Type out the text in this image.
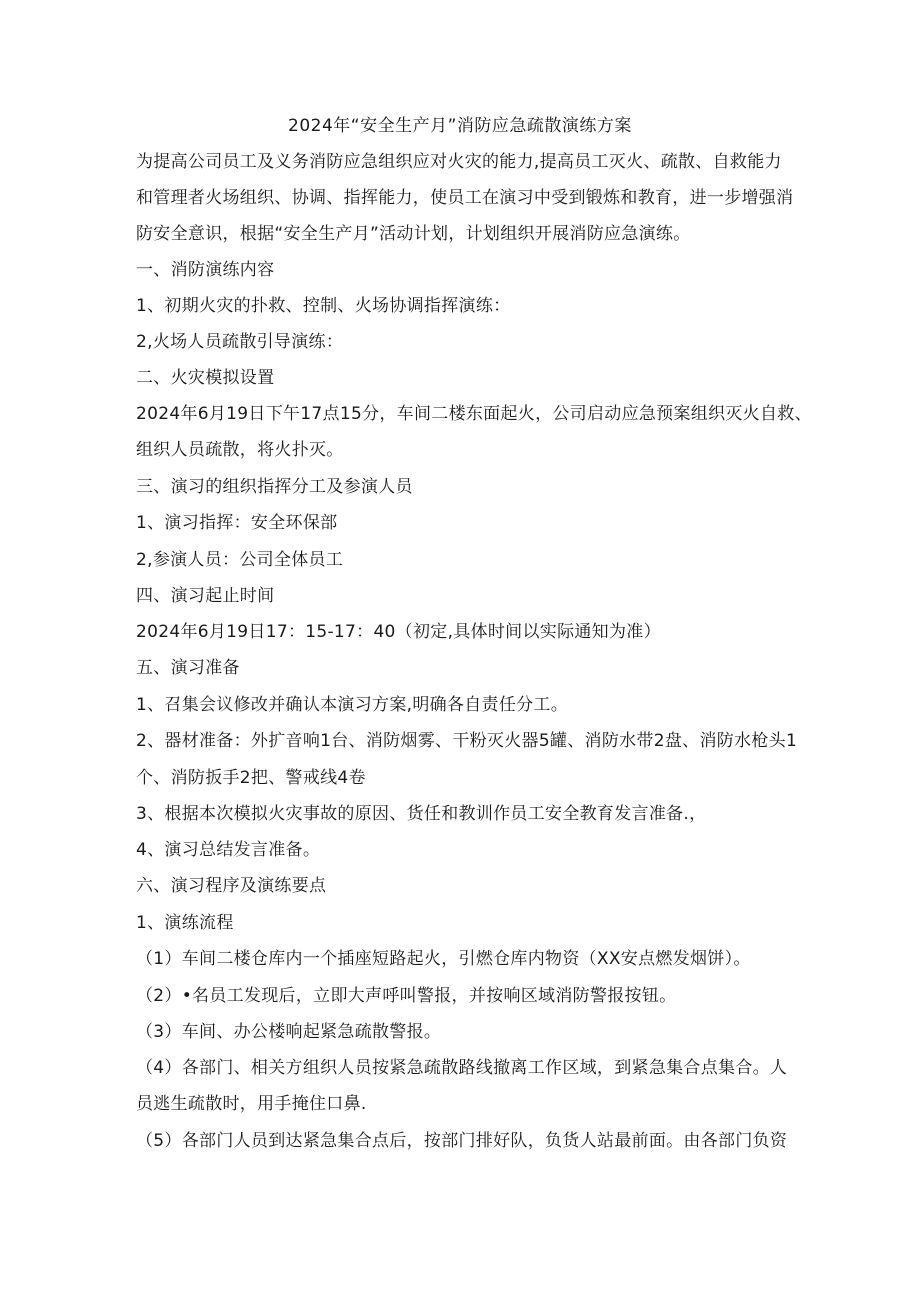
2024年“安全生产月”消防应急疏散演练方案
为提高公司员工及义务消防应急组织应对火灾的能力,提高员工灭火、疏散、自救能力
和管理者火场组织、协调、指挥能力，使员工在演习中受到锻炼和教育，进一步增强消
防安全意识，根据“安全生产月”活动计划，计划组织开展消防应急演练。
一、消防演练内容
1、初期火灾的扑救、控制、火场协调指挥演练：
2,火场人员疏散引导演练：
二、火灾模拟设置
2024年6月19日下午17点15分，车间二楼东面起火，公司启动应急预案组织灭火自救、
组织人员疏散，将火扑灭。
三、演习的组织指挥分工及参演人员
1、演习指挥：安全环保部
2,参演人员：公司全体员工
四、演习起止时间
2024年6月19日17：15-17：40（初定,具体时间以实际通知为准）
五、演习准备
1、召集会议修改并确认本演习方案,明确各自责任分工。
2、器材准备：外扩音响1台、消防烟雾、干粉灭火器5罐、消防水带2盘、消防水枪头1
个、消防扳手2把、警戒线4卷
3、根据本次模拟火灾事故的原因、货任和教训作员工安全教育发言准备.，
4、演习总结发言准备。
六、演习程序及演练要点
1、演练流程
（1）车间二楼仓库内一个插座短路起火，引燃仓库内物资（XX安点燃发烟饼）。
（2）•名员工发现后，立即大声呼叫警报，并按响区域消防警报按钮。
（3）车间、办公楼响起紧急疏散警报。
（4）各部门、相关方组织人员按紧急疏散路线撤离工作区域，到紧急集合点集合。人
员逃生疏散时，用手掩住口鼻.
（5）各部门人员到达紧急集合点后，按部门排好队，负货人站最前面。由各部门负资
